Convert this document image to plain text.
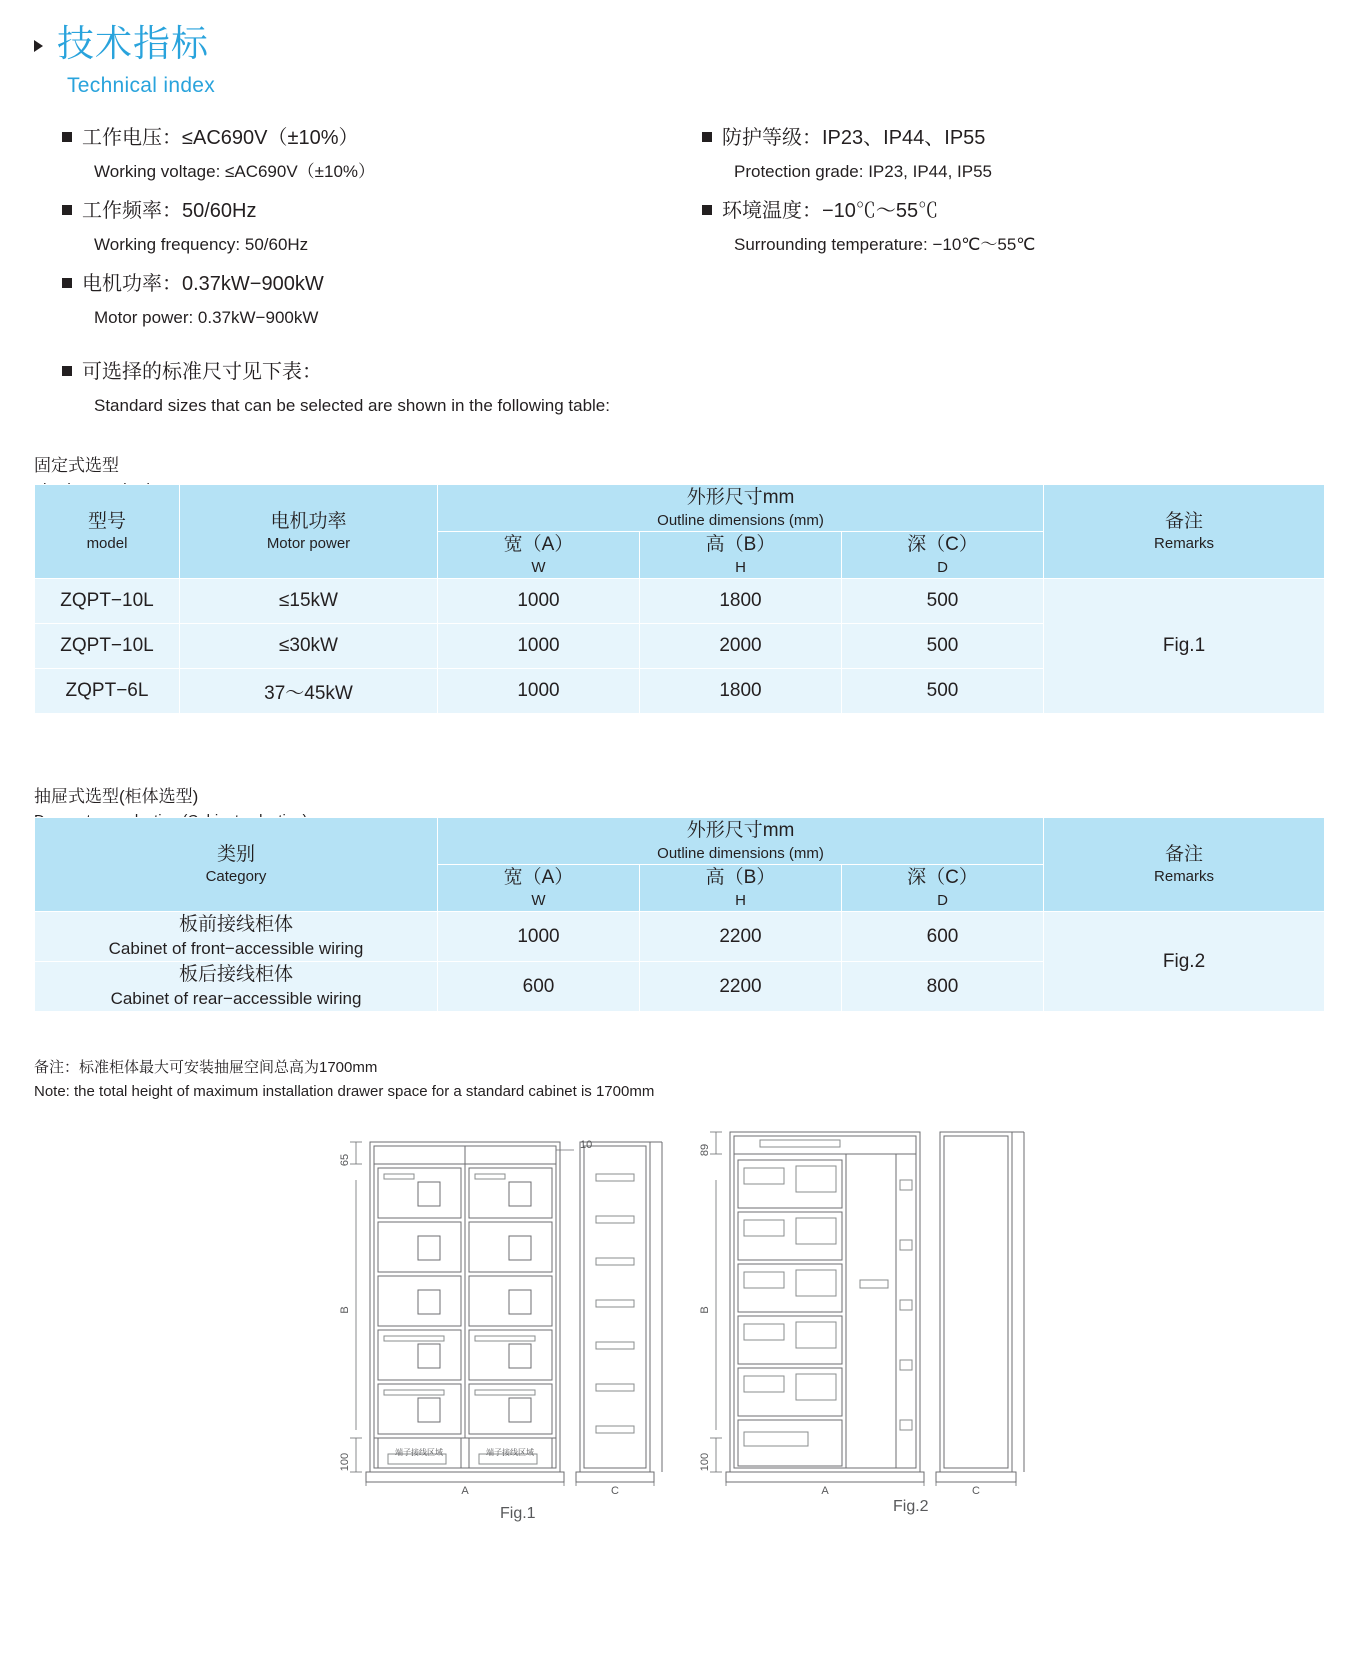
技术指标
Technical index
工作电压：≤AC690V（±10%）
Working voltage: ≤AC690V（±10%）
工作频率：50/60Hz
Working frequency: 50/60Hz
电机功率：0.37kW−900kW
Motor power: 0.37kW−900kW
防护等级：IP23、IP44、IP55
Protection grade: IP23, IP44, IP55
环境温度：−10℃～55℃
Surrounding temperature: −10℃～55℃
可选择的标准尺寸见下表：
Standard sizes that can be selected are shown in the following table:
固定式选型
型号
model	电机功率
Motor power	外形尺寸mm
Outline dimensions (mm)			备注
Remarks

		宽（A）
W	高（B）
H	深（C）
D	

ZQPT−10L	≤15kW	1000	1800	500	Fig.1
ZQPT−10L	≤30kW	1000	2000	500	
ZQPT−6L	37～45kW	1000	1800	500	
抽屉式选型(柜体选型)
类别
Category	外形尺寸mm
Outline dimensions (mm)			备注
Remarks

	宽（A）
W	高（B）
H	深（C）
D	

板前接线柜体
Cabinet of front−accessible wiring	1000	2200	600	Fig.2

板后接线柜体
Cabinet of rear−accessible wiring	600	2200	800	
备注：标准柜体最大可安装抽屉空间总高为1700mm
Note: the total height of maximum installation drawer space for a standard cabinet is 1700mm
65
100
B
A	C
10	89
100
B
A	C
端子接线区域	端子接线区域
Fig.1	Fig.2
